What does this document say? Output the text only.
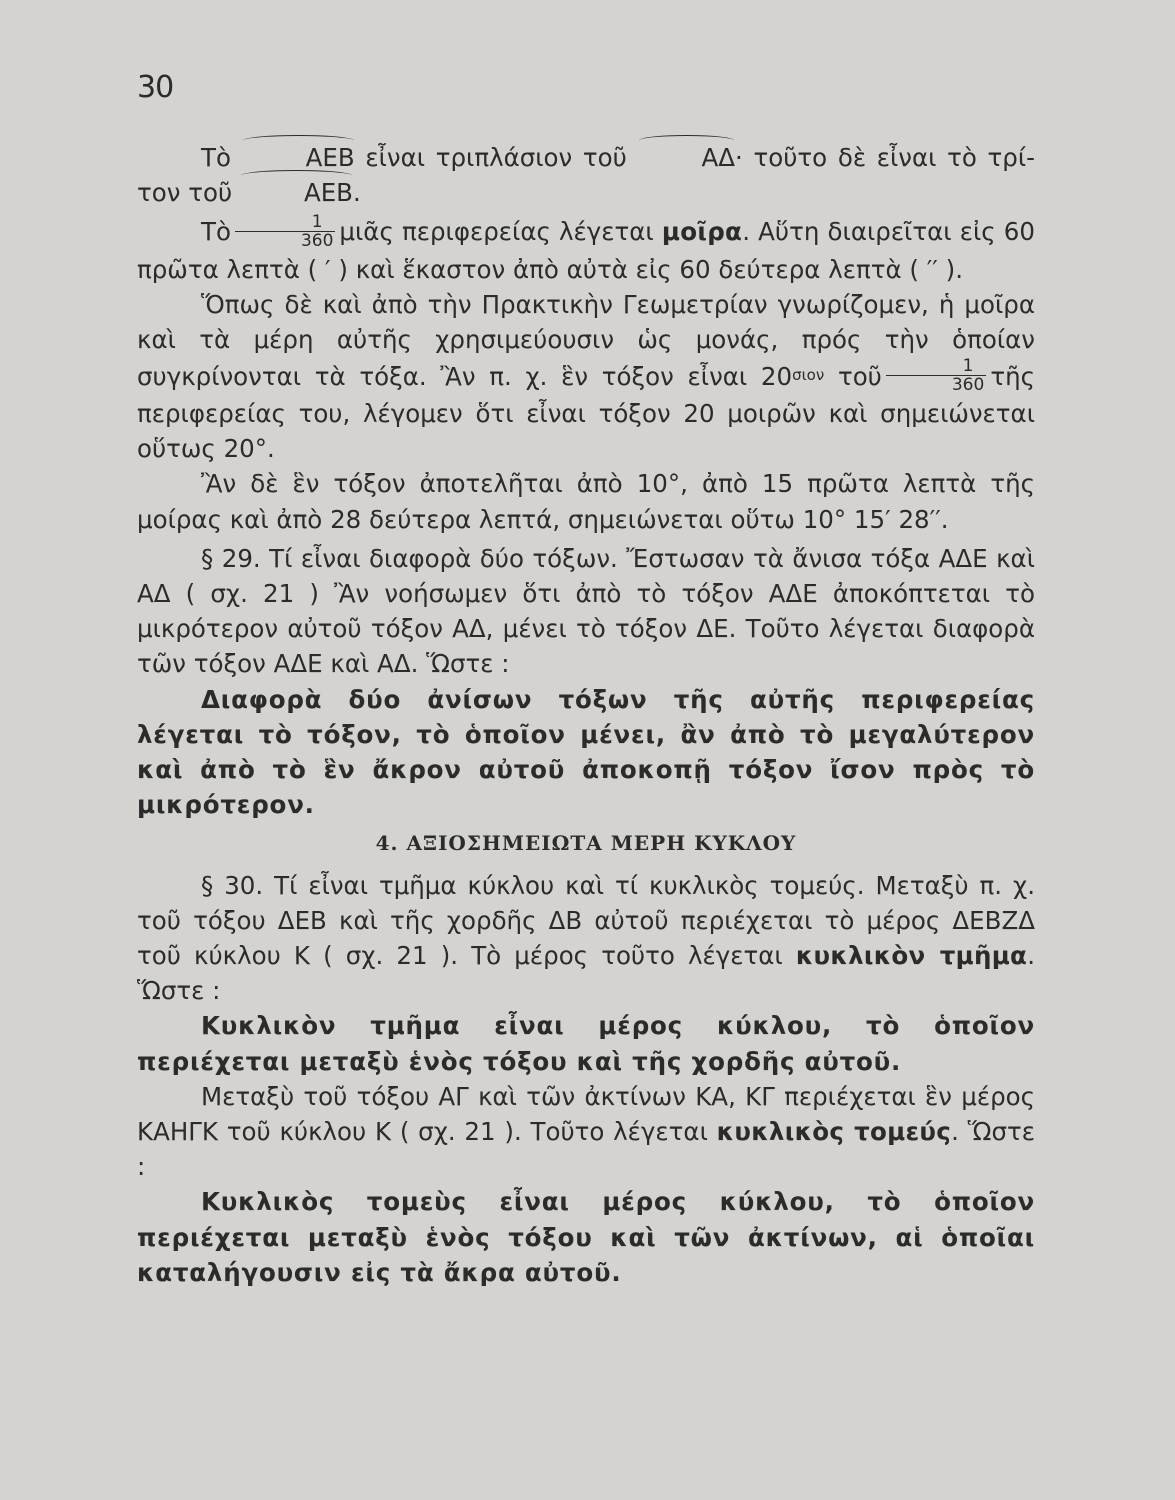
30

Τὸ	ΑΕΒ εἶναι τριπλάσιον τοῦ	ΑΔ· τοῦτο δὲ εἶναι τὸ τρί-τον τοῦ	ΑΕΒ.

Τὸ $\frac{1}{360}$ μιᾶς περιφερείας λέγεται μοῖρα. Αὕτη διαιρεῖται εἰς 60 πρῶτα λεπτὰ ( ′ ) καὶ ἕκαστον ἀπὸ αὐτὰ εἰς 60 δεύτερα λεπτὰ ( ′′ ).

Ὅπως δὲ καὶ ἀπὸ τὴν Πρακτικὴν Γεωμετρίαν γνωρίζομεν, ἡ μοῖρα καὶ τὰ μέρη αὐτῆς χρησιμεύουσιν ὡς μονάς, πρός τὴν ὁποίαν συγκρίνονται τὰ τόξα. Ἂν π. χ. ἓν τόξον εἶναι $20^{\sigma\iota o\nu}$ τοῦ $\frac{1}{360}$ τῆς περιφερείας του, λέγομεν ὅτι εἶναι τόξον 20 μοιρῶν καὶ σημειώνεται οὕτως 20°.

Ἂν δὲ ἓν τόξον ἀποτελῆται ἀπὸ 10°, ἀπὸ 15 πρῶτα λεπτὰ τῆς μοίρας καὶ ἀπὸ 28 δεύτερα λεπτά, σημειώνεται οὕτω 10° 15′ 28′′.

§ 29. Τί εἶναι διαφορὰ δύο τόξων. Ἔστωσαν τὰ ἄνισα τόξα ΑΔΕ καὶ ΑΔ ( σχ. 21 ) Ἂν νοήσωμεν ὅτι ἀπὸ τὸ τόξον ΑΔΕ ἀποκόπτεται τὸ μικρότερον αὐτοῦ τόξον ΑΔ, μένει τὸ τόξον ΔΕ. Τοῦτο λέγεται διαφορὰ τῶν τόξον ΑΔΕ καὶ ΑΔ. Ὥστε :

Διαφορὰ δύο ἀνίσων τόξων τῆς αὐτῆς περιφερείας λέγεται τὸ τόξον, τὸ ὁποῖον μένει, ἂν ἀπὸ τὸ μεγαλύτερον καὶ ἀπὸ τὸ ἓν ἄκρον αὐτοῦ ἀποκοπῇ τόξον ἴσον πρὸς τὸ μικρότερον.

4. ΑΞΙΟΣΗΜΕΙΩΤΑ ΜΕΡΗ ΚΥΚΛΟΥ

§ 30. Τί εἶναι τμῆμα κύκλου καὶ τί κυκλικὸς τομεύς. Μεταξὺ π. χ. τοῦ τόξου ΔΕΒ καὶ τῆς χορδῆς ΔΒ αὐτοῦ περιέχεται τὸ μέρος ΔΕΒΖΔ τοῦ κύκλου Κ ( σχ. 21 ). Τὸ μέρος τοῦτο λέγεται κυκλικὸν τμῆμα. Ὥστε :

Κυκλικὸν τμῆμα εἶναι μέρος κύκλου, τὸ ὁποῖον περιέχεται μεταξὺ ἑνὸς τόξου καὶ τῆς χορδῆς αὐτοῦ.

Μεταξὺ τοῦ τόξου ΑΓ καὶ τῶν ἀκτίνων ΚΑ, ΚΓ περιέχεται ἓν μέρος ΚΑΗΓΚ τοῦ κύκλου Κ ( σχ. 21 ). Τοῦτο λέγεται κυκλικὸς τομεύς. Ὥστε :

Κυκλικὸς τομεὺς εἶναι μέρος κύκλου, τὸ ὁποῖον περιέχεται μεταξὺ ἑνὸς τόξου καὶ τῶν ἀκτίνων, αἱ ὁποῖαι καταλήγουσιν εἰς τὰ ἄκρα αὐτοῦ.
